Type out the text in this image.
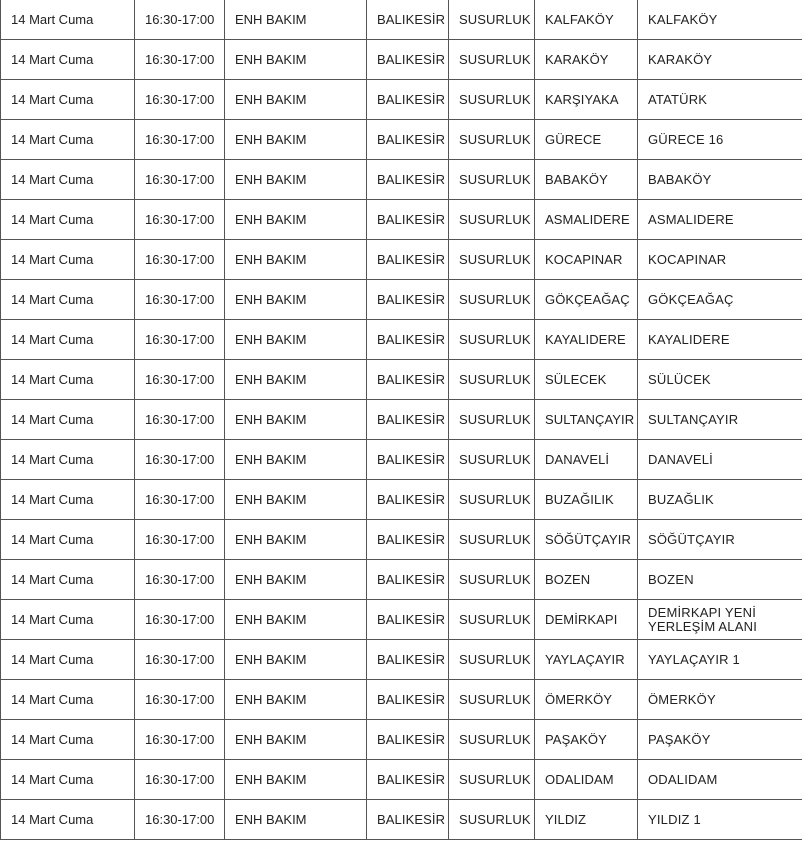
14 Mart Cuma	16:30-17:00	ENH BAKIM	BALIKESİR	SUSURLUK	KALFAKÖY	KALFAKÖY
14 Mart Cuma	16:30-17:00	ENH BAKIM	BALIKESİR	SUSURLUK	KARAKÖY	KARAKÖY
14 Mart Cuma	16:30-17:00	ENH BAKIM	BALIKESİR	SUSURLUK	KARŞIYAKA	ATATÜRK
14 Mart Cuma	16:30-17:00	ENH BAKIM	BALIKESİR	SUSURLUK	GÜRECE	GÜRECE 16
14 Mart Cuma	16:30-17:00	ENH BAKIM	BALIKESİR	SUSURLUK	BABAKÖY	BABAKÖY
14 Mart Cuma	16:30-17:00	ENH BAKIM	BALIKESİR	SUSURLUK	ASMALIDERE	ASMALIDERE
14 Mart Cuma	16:30-17:00	ENH BAKIM	BALIKESİR	SUSURLUK	KOCAPINAR	KOCAPINAR
14 Mart Cuma	16:30-17:00	ENH BAKIM	BALIKESİR	SUSURLUK	GÖKÇEAĞAÇ	GÖKÇEAĞAÇ
14 Mart Cuma	16:30-17:00	ENH BAKIM	BALIKESİR	SUSURLUK	KAYALIDERE	KAYALIDERE
14 Mart Cuma	16:30-17:00	ENH BAKIM	BALIKESİR	SUSURLUK	SÜLECEK	SÜLÜCEK
14 Mart Cuma	16:30-17:00	ENH BAKIM	BALIKESİR	SUSURLUK	SULTANÇAYIR	SULTANÇAYIR
14 Mart Cuma	16:30-17:00	ENH BAKIM	BALIKESİR	SUSURLUK	DANAVELİ	DANAVELİ
14 Mart Cuma	16:30-17:00	ENH BAKIM	BALIKESİR	SUSURLUK	BUZAĞILIK	BUZAĞLIK
14 Mart Cuma	16:30-17:00	ENH BAKIM	BALIKESİR	SUSURLUK	SÖĞÜTÇAYIR	SÖĞÜTÇAYIR
14 Mart Cuma	16:30-17:00	ENH BAKIM	BALIKESİR	SUSURLUK	BOZEN	BOZEN
14 Mart Cuma	16:30-17:00	ENH BAKIM	BALIKESİR	SUSURLUK	DEMİRKAPI	DEMİRKAPI YENİ YERLEŞİM ALANI
14 Mart Cuma	16:30-17:00	ENH BAKIM	BALIKESİR	SUSURLUK	YAYLAÇAYIR	YAYLAÇAYIR 1
14 Mart Cuma	16:30-17:00	ENH BAKIM	BALIKESİR	SUSURLUK	ÖMERKÖY	ÖMERKÖY
14 Mart Cuma	16:30-17:00	ENH BAKIM	BALIKESİR	SUSURLUK	PAŞAKÖY	PAŞAKÖY
14 Mart Cuma	16:30-17:00	ENH BAKIM	BALIKESİR	SUSURLUK	ODALIDAM	ODALIDAM
14 Mart Cuma	16:30-17:00	ENH BAKIM	BALIKESİR	SUSURLUK	YILDIZ	YILDIZ 1
